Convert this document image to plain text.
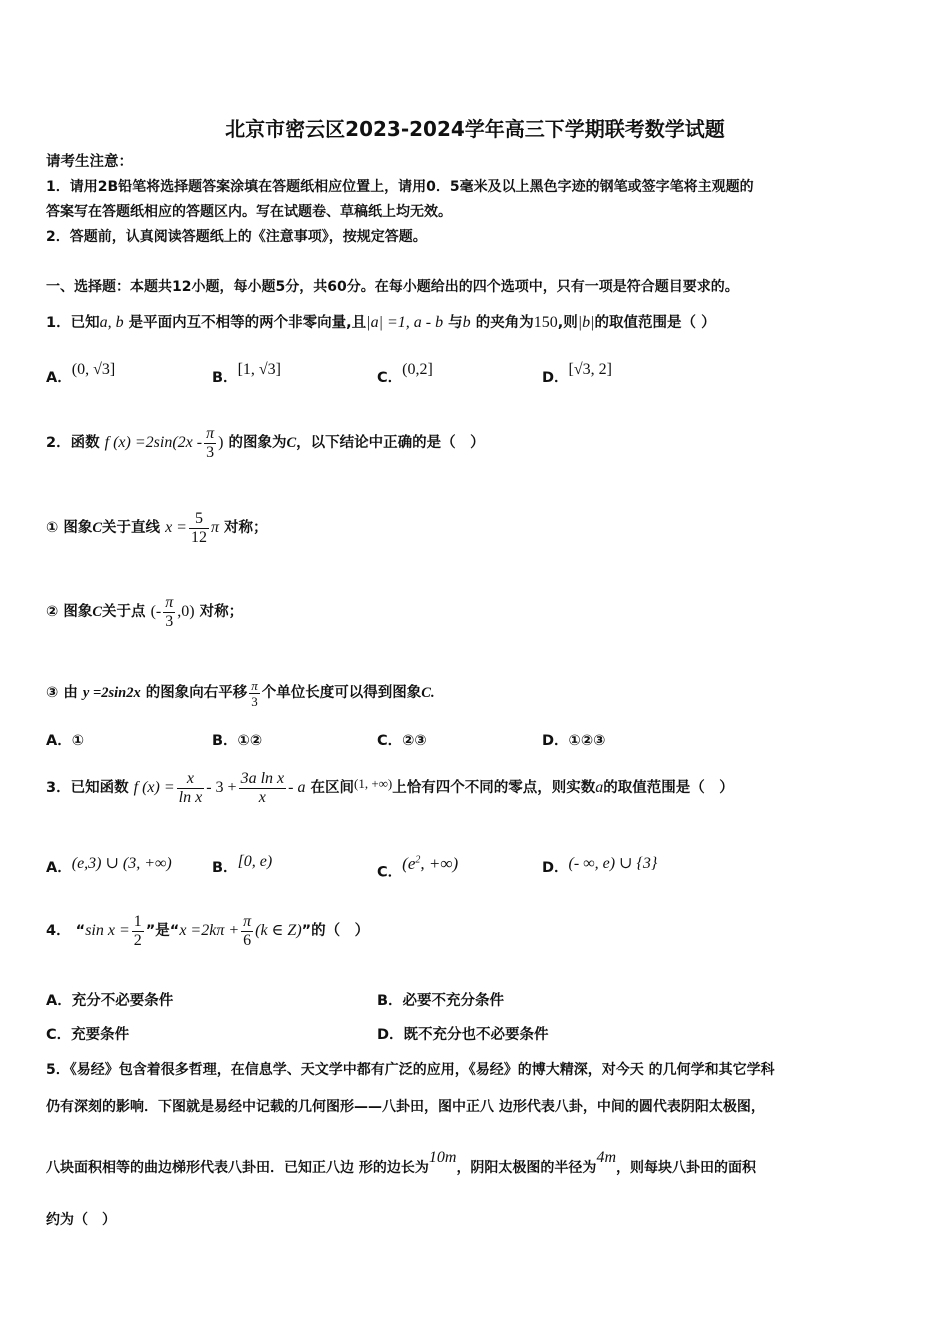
北京市密云区2023-2024学年高三下学期联考数学试题
请考生注意：
1．请用2B铅笔将选择题答案涂填在答题纸相应位置上，请用0．5毫米及以上黑色字迹的钢笔或签字笔将主观题的
答案写在答题纸相应的答题区内。写在试题卷、草稿纸上均无效。
2．答题前，认真阅读答题纸上的《注意事项》，按规定答题。
一、选择题：本题共12小题，每小题5分，共60分。在每小题给出的四个选项中，只有一项是符合题目要求的。
1．已知a, b 是平面内互不相等的两个非零向量,且|a| =1, a - b 与b 的夹角为150,则|b|的取值范围是（ ）
A．(0, √3]	B．[1, √3]	C．(0,2]	D．[√3, 2]
2．函数 f $(x) =2\sin(2x - \frac{\pi}{3}$ ) 的图象为C，以下结论中正确的是（　）
① 图象C关于直线 $x = \frac{5}{12}$ π 对称；
② 图象C关于点 (- $\frac{\pi}{3} ,0$) 对称；
③ 由 y =2sin2x 的图象向右平移 $\frac{\pi}{3}$ 个单位长度可以得到图象C.
A．①	B．①②	C．②③	D．①②③
3．已知函数 f $(x) = \frac{x}{\text{ln x}} - 3 + \frac{\text{3a ln x}}{x} - a$ 在区间(1, +∞)上恰有四个不同的零点，则实数a的取值范围是（　）
A．(e,3) ∪ (3, +∞)	B．[0, e)
C．($e^2$, +∞)	D．(- ∞, e) ∪ {3}
4． “sin $x = \frac{1}{2}$ ”是“$x =2k\pi + \frac{\pi}{6} (k$ ∈ Z)”的（　）
A．充分不必要条件	B．必要不充分条件
C．充要条件	D．既不充分也不必要条件
5．《易经》包含着很多哲理，在信息学、天文学中都有广泛的应用，《易经》的博大精深，对今天 的几何学和其它学科
仍有深刻的影响．下图就是易经中记载的几何图形——八卦田，图中正八 边形代表八卦，中间的圆代表阴阳太极图，
八块面积相等的曲边梯形代表八卦田．已知正八边 形的边长为10m，阴阳太极图的半径为4m，则每块八卦田的面积
约为（　）
